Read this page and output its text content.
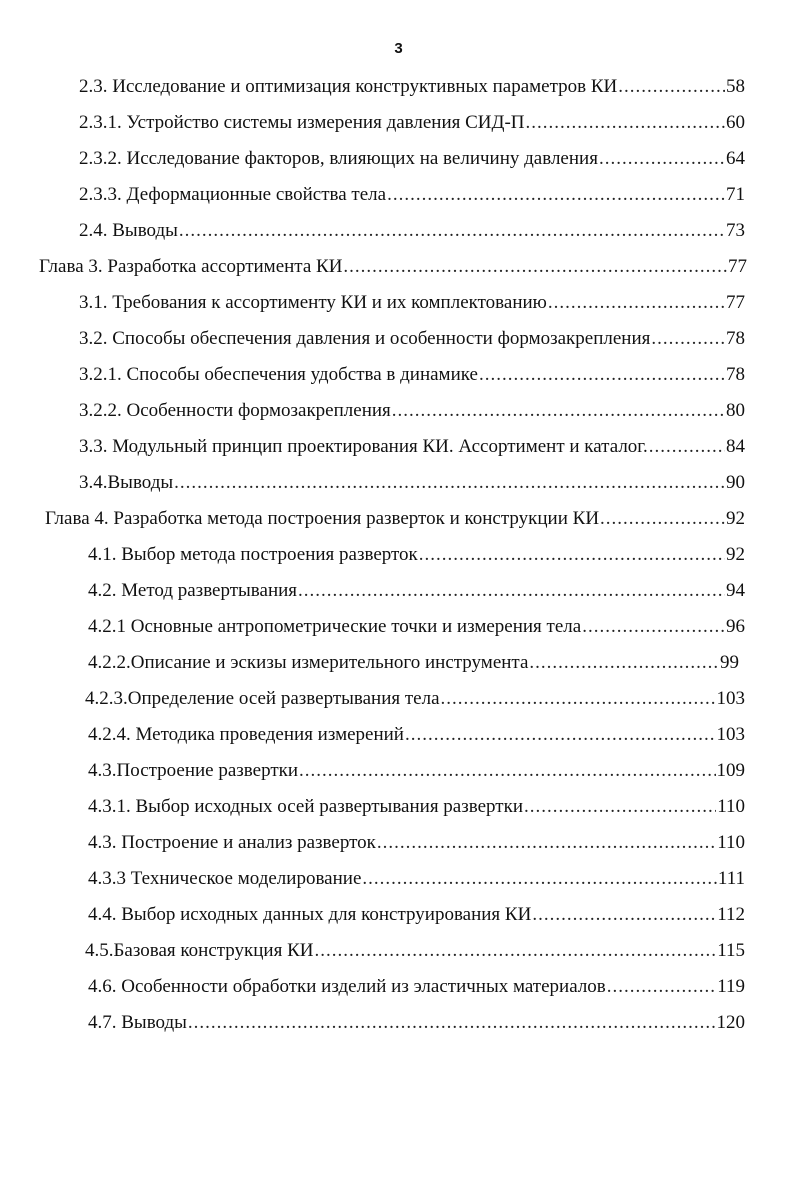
3
2.3. Исследование и оптимизация конструктивных параметров КИ .....	58
2.3.1. Устройство системы измерения давления СИД-П .....	60
2.3.2. Исследование факторов, влияющих на величину давления .....	64
2.3.3. Деформационные свойства тела .....	71
2.4. Выводы .....	73
Глава 3. Разработка ассортимента КИ .....	77
3.1. Требования к ассортименту КИ и их комплектованию .....	77
3.2. Способы обеспечения давления и особенности формозакрепления .....	78
3.2.1. Способы обеспечения удобства в динамике .....	78
3.2.2. Особенности формозакрепления .....	80
3.3. Модульный принцип проектирования КИ. Ассортимент и каталог. .....	84
3.4.Выводы .....	90
Глава 4. Разработка метода построения разверток и конструкции КИ .....	92
4.1. Выбор метода построения разверток .....	92
4.2. Метод развертывания .....	94
4.2.1 Основные антропометрические точки и измерения тела .....	96
4.2.2.Описание и эскизы измерительного инструмента .....	99
4.2.3.Определение осей развертывания тела .....	103
4.2.4. Методика проведения измерений .....	103
4.3.Построение развертки .....	109
4.3.1. Выбор исходных осей развертывания развертки .....	110
4.3. Построение и анализ разверток .....	110
4.3.3 Техническое моделирование .....	111
4.4. Выбор исходных данных для конструирования КИ .....	112
4.5.Базовая конструкция КИ .....	115
4.6. Особенности обработки изделий из эластичных материалов .....	119
4.7. Выводы .....	120
